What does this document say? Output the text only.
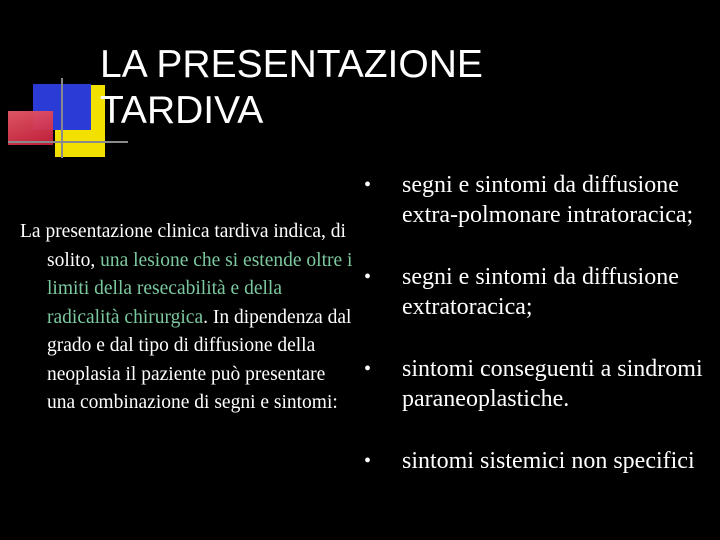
LA PRESENTAZIONE
TARDIVA
La presentazione clinica tardiva indica, di solito, una lesione che si estende oltre i limiti della resecabilità e della radicalità chirurgica. In dipendenza dal grado e dal tipo di diffusione della neoplasia il paziente può presentare una combinazione di segni e sintomi:
• segni e sintomi da diffusione extra-polmonare intratoracica;
• segni e sintomi da diffusione extratoracica;
• sintomi conseguenti a sindromi paraneoplastiche.
• sintomi sistemici non specifici
